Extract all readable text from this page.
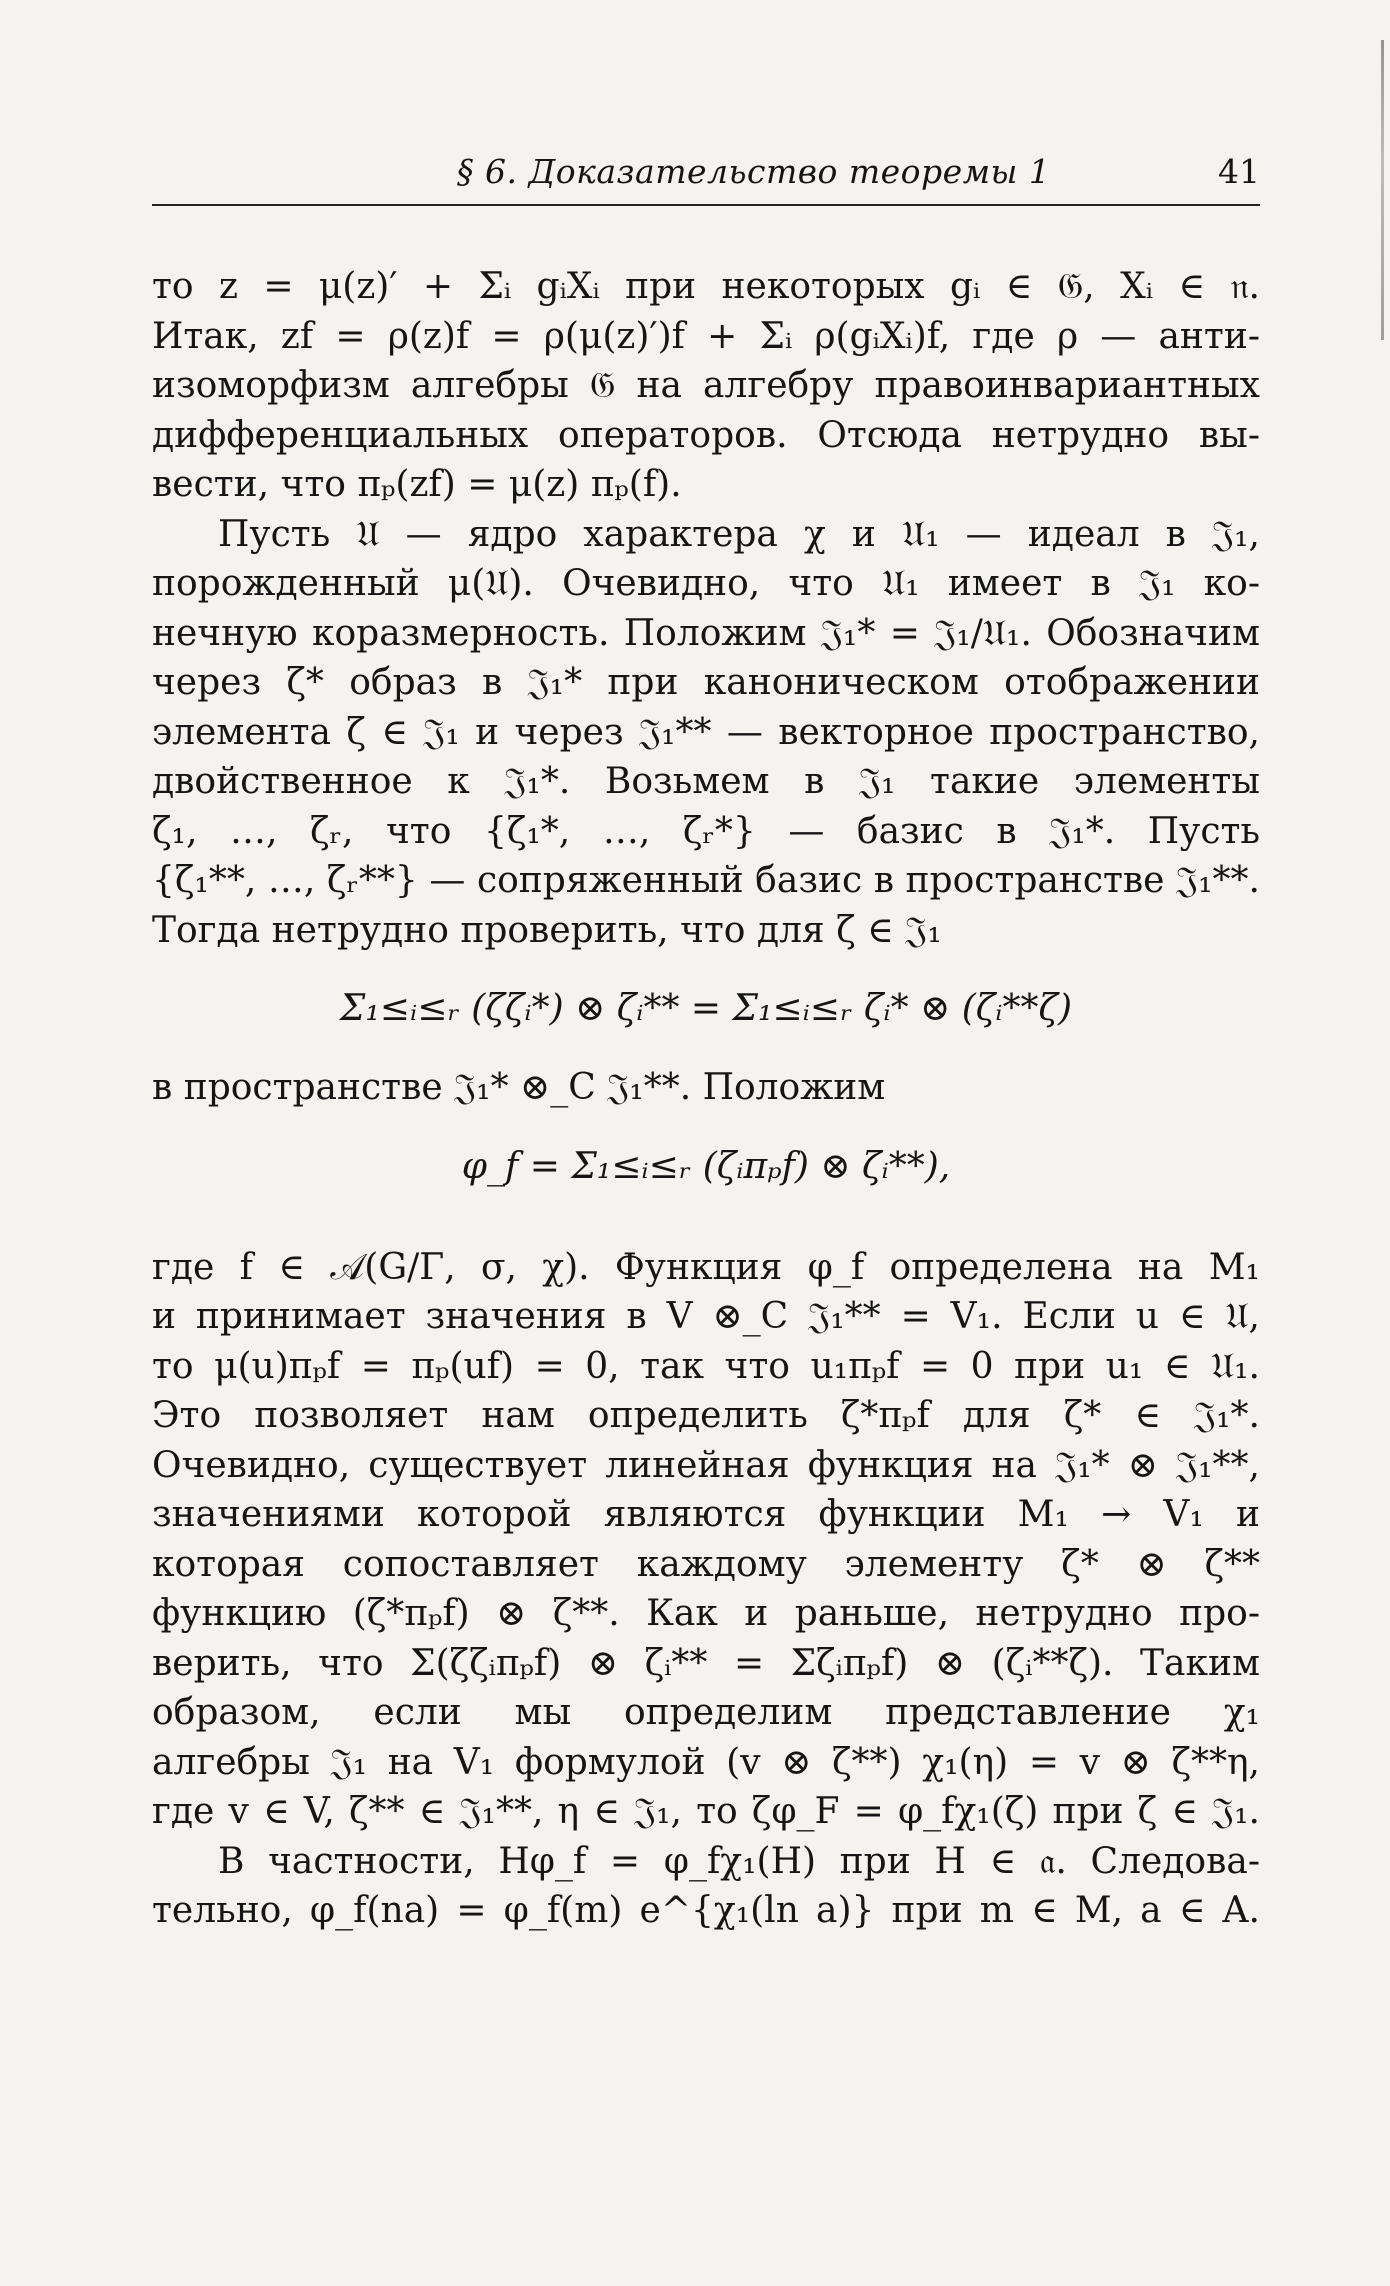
§ 6. Доказательство теоремы 1	41
то z = μ(z)′ + Σᵢ gᵢXᵢ при некоторых gᵢ ∈ 𝔊, Xᵢ ∈ 𝔫.
Итак, zf = ρ(z)f = ρ(μ(z)′)f + Σᵢ ρ(gᵢXᵢ)f, где ρ — анти-
изоморфизм алгебры 𝔊 на алгебру правоинвариантных
дифференциальных операторов. Отсюда нетрудно вы-
вести, что πₚ(zf) = μ(z) πₚ(f).
Пусть 𝔘 — ядро характера χ и 𝔘₁ — идеал в 𝔍₁,
порожденный μ(𝔘). Очевидно, что 𝔘₁ имеет в 𝔍₁ ко-
нечную коразмерность. Положим 𝔍₁* = 𝔍₁/𝔘₁. Обозначим
через ζ* образ в 𝔍₁* при каноническом отображении
элемента ζ ∈ 𝔍₁ и через 𝔍₁** — векторное пространство,
двойственное к 𝔍₁*. Возьмем в 𝔍₁ такие элементы
ζ₁, …, ζᵣ, что {ζ₁*, …, ζᵣ*} — базис в 𝔍₁*. Пусть
{ζ₁**, …, ζᵣ**} — сопряженный базис в пространстве 𝔍₁**.
Тогда нетрудно проверить, что для ζ ∈ 𝔍₁
Σ₁≤ᵢ≤ᵣ (ζζᵢ*) ⊗ ζᵢ** = Σ₁≤ᵢ≤ᵣ ζᵢ* ⊗ (ζᵢ**ζ)
в пространстве 𝔍₁* ⊗_C 𝔍₁**. Положим
φ_f = Σ₁≤ᵢ≤ᵣ (ζᵢπₚf) ⊗ ζᵢ**),
где f ∈ 𝒜(G/Γ, σ, χ). Функция φ_f определена на M₁
и принимает значения в V ⊗_C 𝔍₁** = V₁. Если u ∈ 𝔘,
то μ(u)πₚf = πₚ(uf) = 0, так что u₁πₚf = 0 при u₁ ∈ 𝔘₁.
Это позволяет нам определить ζ*πₚf для ζ* ∈ 𝔍₁*.
Очевидно, существует линейная функция на 𝔍₁* ⊗ 𝔍₁**,
значениями которой являются функции M₁ → V₁ и
которая сопоставляет каждому элементу ζ* ⊗ ζ**
функцию (ζ*πₚf) ⊗ ζ**. Как и раньше, нетрудно про-
верить, что Σ(ζζᵢπₚf) ⊗ ζᵢ** = Σζᵢπₚf) ⊗ (ζᵢ**ζ). Таким
образом, если мы определим представление χ₁
алгебры 𝔍₁ на V₁ формулой (v ⊗ ζ**) χ₁(η) = v ⊗ ζ**η,
где v ∈ V, ζ** ∈ 𝔍₁**, η ∈ 𝔍₁, то ζφ_F = φ_fχ₁(ζ) при ζ ∈ 𝔍₁.
В частности, Hφ_f = φ_fχ₁(H) при H ∈ 𝔞. Следова-
тельно, φ_f(na) = φ_f(m) e^{χ₁(ln a)} при m ∈ M, a ∈ A.
